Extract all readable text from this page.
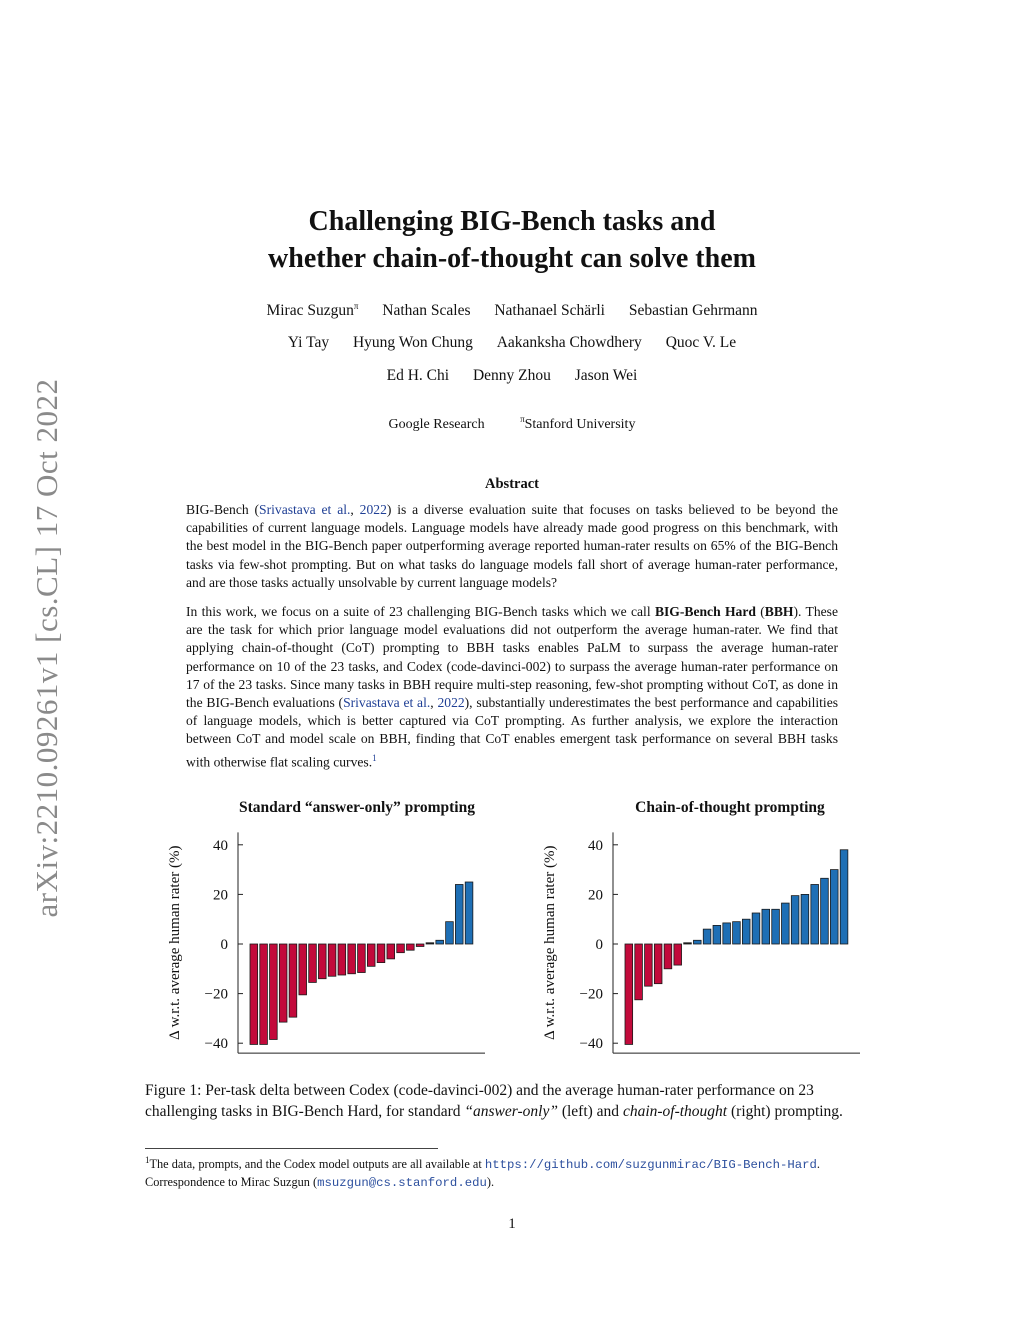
arXiv:2210.09261v1 [cs.CL] 17 Oct 2022
Challenging BIG-Bench tasks and
whether chain-of-thought can solve them
Mirac Suzgun$^\pi$ Nathan Scales Nathanael Schärli Sebastian Gehrmann
Yi Tay Hyung Won Chung Aakanksha Chowdhery Quoc V. Le
Ed H. Chi Denny Zhou Jason Wei
Google Research	$^\pi$Stanford University
Abstract
BIG-Bench (Srivastava et al., 2022) is a diverse evaluation suite that focuses on tasks believed to be beyond the capabilities of current language models. Language models have already made good progress on this benchmark, with the best model in the BIG-Bench paper outperforming average reported human-rater results on 65% of the BIG-Bench tasks via few-shot prompting. But on what tasks do language models fall short of average human-rater performance, and are those tasks actually unsolvable by current language models?
In this work, we focus on a suite of 23 challenging BIG-Bench tasks which we call BIG-Bench Hard (BBH). These are the task for which prior language model evaluations did not outperform the average human-rater. We find that applying chain-of-thought (CoT) prompting to BBH tasks enables PaLM to surpass the average human-rater performance on 10 of the 23 tasks, and Codex (code-davinci-002) to surpass the average human-rater performance on 17 of the 23 tasks. Since many tasks in BBH require multi-step reasoning, few-shot prompting without CoT, as done in the BIG-Bench evaluations (Srivastava et al., 2022), substantially underestimates the best performance and capabilities of language models, which is better captured via CoT prompting. As further analysis, we explore the interaction between CoT and model scale on BBH, finding that CoT enables emergent task performance on several BBH tasks with otherwise flat scaling curves.$^1$
Standard “answer-only” prompting	Chain-of-thought prompting
40
20
0
−20
−40
Δ w.r.t. average human rater (%)	40
20
0
−20
−40
Δ w.r.t. average human rater (%)
Figure 1: Per-task delta between Codex (code-davinci-002) and the average human-rater performance on 23 challenging tasks in BIG-Bench Hard, for standard “answer-only” (left) and chain-of-thought (right) prompting.
$^1$The data, prompts, and the Codex model outputs are all available at https://github.com/suzgunmirac/BIG-Bench-Hard.
Correspondence to Mirac Suzgun (msuzgun@cs.stanford.edu).
1
